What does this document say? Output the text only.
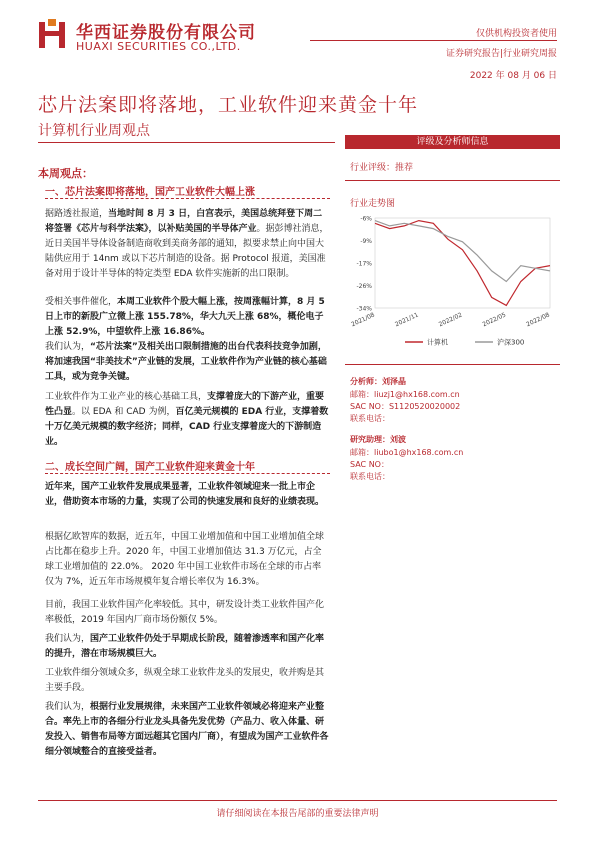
华西证券股份有限公司
HUAXI SECURITIES CO.,LTD.
仅供机构投资者使用
证券研究报告|行业研究周报
2022 年 08 月 06 日
芯片法案即将落地，工业软件迎来黄金十年
计算机行业周观点
本周观点：
一、芯片法案即将落地，国产工业软件大幅上涨
据路透社报道，当地时间 8 月 3 日，白宫表示，美国总统拜登下周二将签署《芯片与科学法案》，以补贴美国的半导体产业。据彭博社消息，近日美国半导体设备制造商收到美商务部的通知，拟要求禁止向中国大陆供应用于 14nm 或以下芯片制造的设备。据 Protocol 报道，美国准备对用于设计半导体的特定类型 EDA 软件实施新的出口限制。
受相关事件催化，本周工业软件个股大幅上涨，按周涨幅计算，8 月 5 日上市的新股广立微上涨 155.78%，华大九天上涨 68%，概伦电子上涨 52.9%，中望软件上涨 16.86%。
我们认为，“芯片法案”及相关出口限制措施的出台代表科技竞争加剧，将加速我国“非美技术”产业链的发展，工业软件作为产业链的核心基础工具，或为竞争关键。
工业软件作为工业产业的核心基础工具，支撑着庞大的下游产业，重要性凸显。以 EDA 和 CAD 为例，百亿美元规模的 EDA 行业，支撑着数十万亿美元规模的数字经济；同样，CAD 行业支撑着庞大的下游制造业。
二、成长空间广阔，国产工业软件迎来黄金十年
近年来，国产工业软件发展成果显著，工业软件领域迎来一批上市企业，借助资本市场的力量，实现了公司的快速发展和良好的业绩表现。
根据亿欧智库的数据，近五年，中国工业增加值和中国工业增加值全球占比都在稳步上升。2020 年，中国工业增加值达 31.3 万亿元，占全球工业增加值的 22.0%。 2020 年中国工业软件市场在全球的市占率仅为 7%，近五年市场规模年复合增长率仅为 16.3%。
目前，我国工业软件国产化率较低。其中，研发设计类工业软件国产化率极低，2019 年国内厂商市场份额仅 5%。
我们认为，国产工业软件仍处于早期成长阶段，随着渗透率和国产化率的提升，潜在市场规模巨大。
工业软件细分领域众多，纵观全球工业软件龙头的发展史，收并购是其主要手段。
我们认为，根据行业发展规律，未来国产工业软件领域必将迎来产业整合。率先上市的各细分行业龙头具备先发优势（产品力、收入体量、研发投入、销售布局等方面远超其它国内厂商），有望成为国产工业软件各细分领域整合的直接受益者。
评级及分析师信息
行业评级：推荐
行业走势图
-6%
-9%
-17%
-26%
-34%
2021/08	2021/11	2022/02	2022/05	2022/08
计算机	沪深300
分析师：刘泽晶
邮箱：liuzj1@hx168.com.cn
SAC NO：S1120520020002
联系电话：
研究助理：刘波
邮箱：liubo1@hx168.com.cn
SAC NO：
联系电话：
请仔细阅读在本报告尾部的重要法律声明
